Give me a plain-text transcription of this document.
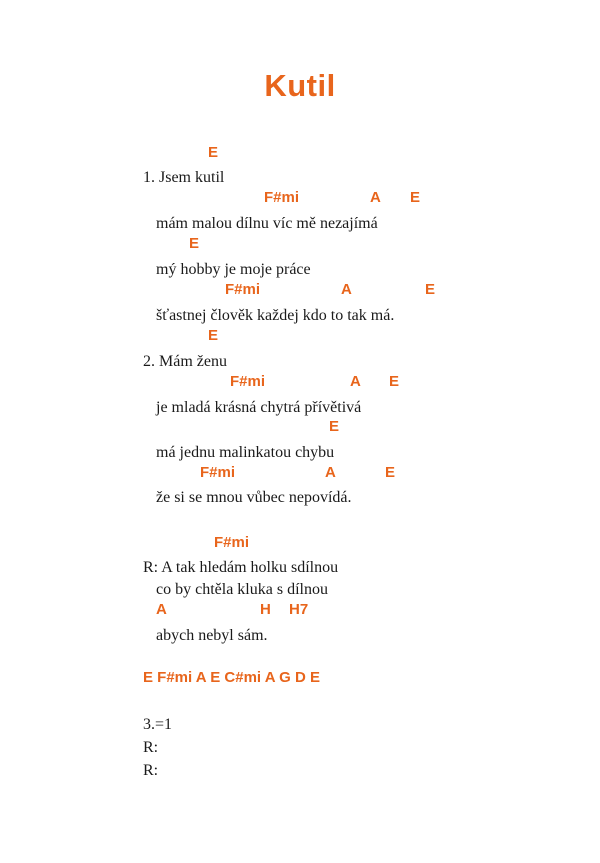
Kutil
E
1. Jsem kutil
F#mi	A E
mám malou dílnu víc mě nezajímá
E
mý hobby je moje práce
F#mi	A	E
šťastnej člověk každej kdo to tak má.
E
2. Mám ženu
F#mi	A E
je mladá krásná chytrá přívětivá
E
má jednu malinkatou chybu
F#mi	A	E
že si se mnou vůbec nepovídá.
F#mi
R: A tak hledám holku sdílnou
co by chtěla kluka s dílnou
A	H H7
abych nebyl sám.
E F#mi A E C#mi A G D E
3.=1
R:
R:
